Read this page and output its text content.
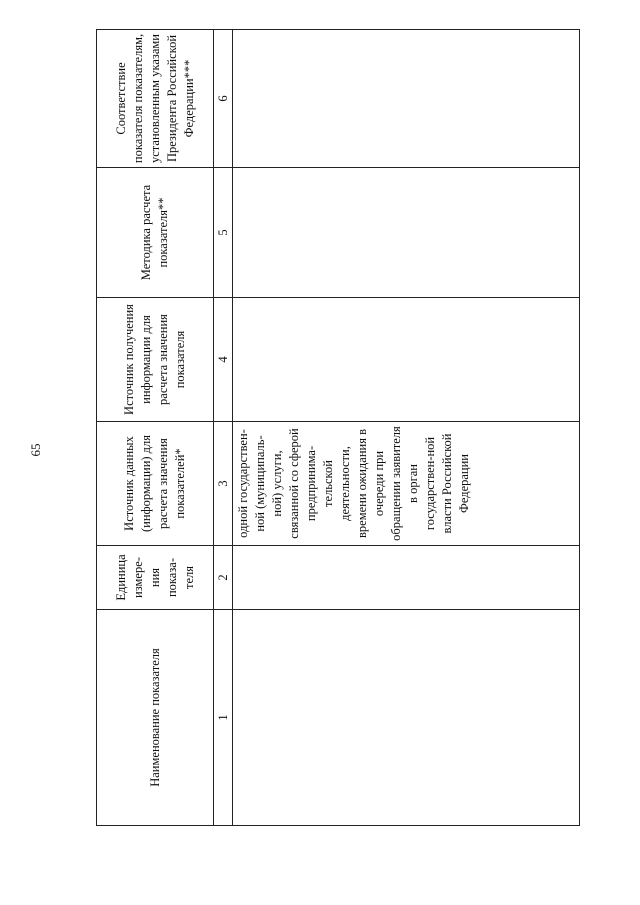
65
Наименование показателя	Единица измере-ния показа-теля	Источник данных (информации) для расчета значения показателей*	Источник получения информации для расчета значения показателя	Методика расчета показателя**	Соответствие показателя показателям, установленным указами Президента Российской Федерации***

1	2	3	4	5	6

		одной государствен-ной (муниципаль-ной) услуги, связанной со сферой предпринима-тельской деятельности, времени ожидания в очереди при обращении заявителя в орган государствен-ной власти Российской Федерации			
